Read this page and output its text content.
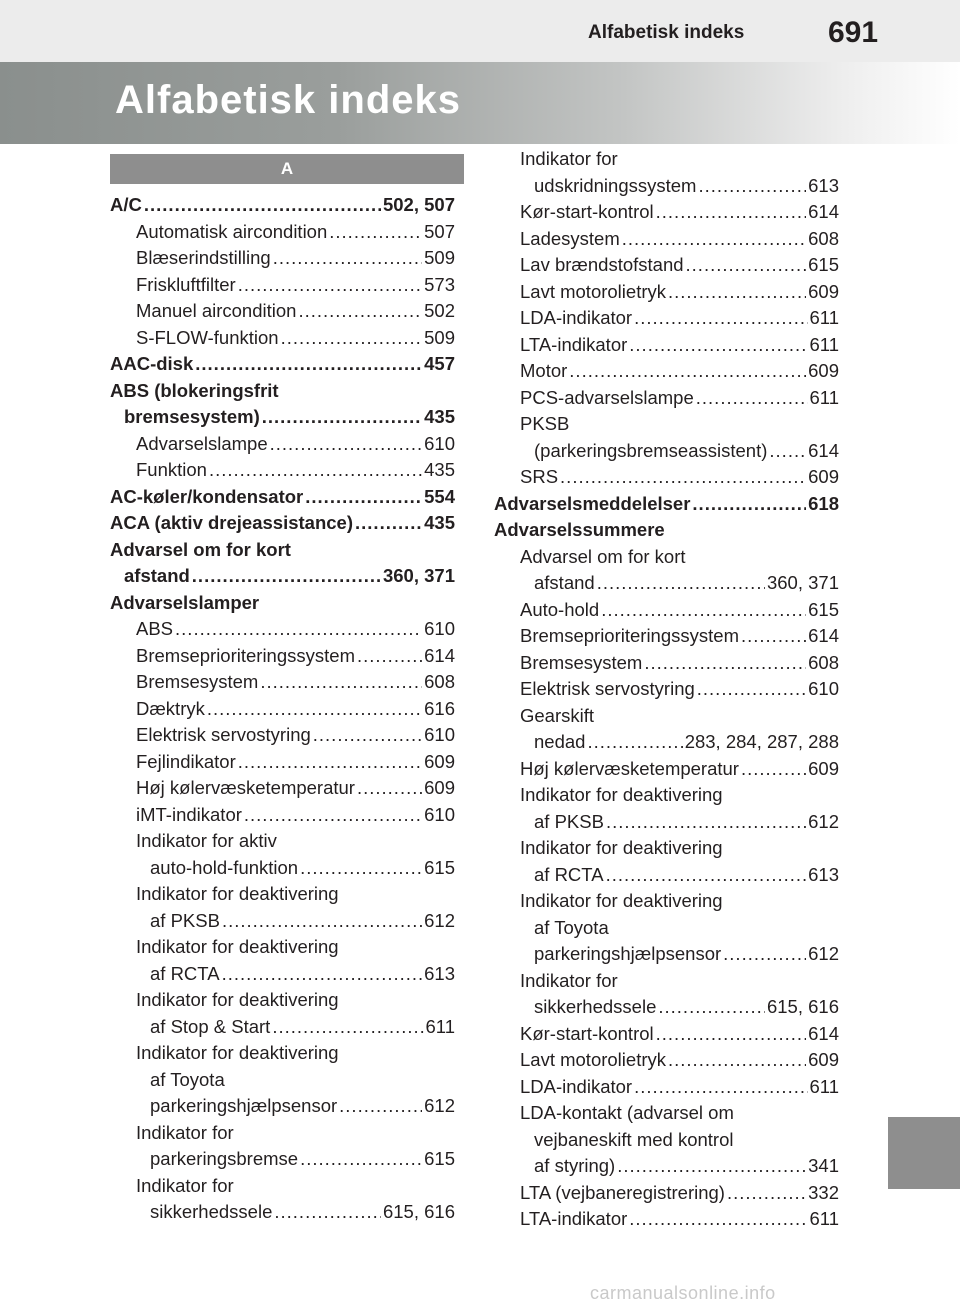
Alfabetisk indeks	691
Alfabetisk indeks
A
A/C .....	502, 507
Automatisk aircondition .....	507
Blæserindstilling .....	509
Friskluftfilter .....	573
Manuel aircondition .....	502
S-FLOW-funktion .....	509
AAC-disk .....	457
ABS (blokeringsfrit
bremsesystem) .....	435
Advarselslampe .....	610
Funktion .....	435
AC-køler/kondensator .....	554
ACA (aktiv drejeassistance) .....	435
Advarsel om for kort
afstand .....	360, 371
Advarselslamper
ABS .....	610
Bremseprioriteringssystem .....	614
Bremsesystem .....	608
Dæktryk .....	616
Elektrisk servostyring .....	610
Fejlindikator .....	609
Høj kølervæsketemperatur .....	609
iMT-indikator .....	610
Indikator for aktiv
auto-hold-funktion .....	615
Indikator for deaktivering
af PKSB .....	612
Indikator for deaktivering
af RCTA .....	613
Indikator for deaktivering
af Stop & Start .....	611
Indikator for deaktivering
af Toyota
parkeringshjælpsensor .....	612
Indikator for
parkeringsbremse .....	615
Indikator for
sikkerhedssele .....	615, 616
Indikator for
udskridningssystem .....	613
Kør-start-kontrol .....	614
Ladesystem .....	608
Lav brændstofstand .....	615
Lavt motorolietryk .....	609
LDA-indikator .....	611
LTA-indikator .....	611
Motor .....	609
PCS-advarselslampe .....	611
PKSB
(parkeringsbremseassistent) ..... 614
SRS .....	609
Advarselsmeddelelser .....	618
Advarselssummere
Advarsel om for kort
afstand .....	360, 371
Auto-hold .....	615
Bremseprioriteringssystem .....	614
Bremsesystem .....	608
Elektrisk servostyring .....	610
Gearskift
nedad .....	283, 284, 287, 288
Høj kølervæsketemperatur .....	609
Indikator for deaktivering
af PKSB .....	612
Indikator for deaktivering
af RCTA .....	613
Indikator for deaktivering
af Toyota
parkeringshjælpsensor .....	612
Indikator for
sikkerhedssele .....	615, 616
Kør-start-kontrol .....	614
Lavt motorolietryk .....	609
LDA-indikator .....	611
LDA-kontakt (advarsel om
vejbaneskift med kontrol
af styring) .....	341
LTA (vejbaneregistrering) .....	332
LTA-indikator .....	611
carmanualsonline.info
